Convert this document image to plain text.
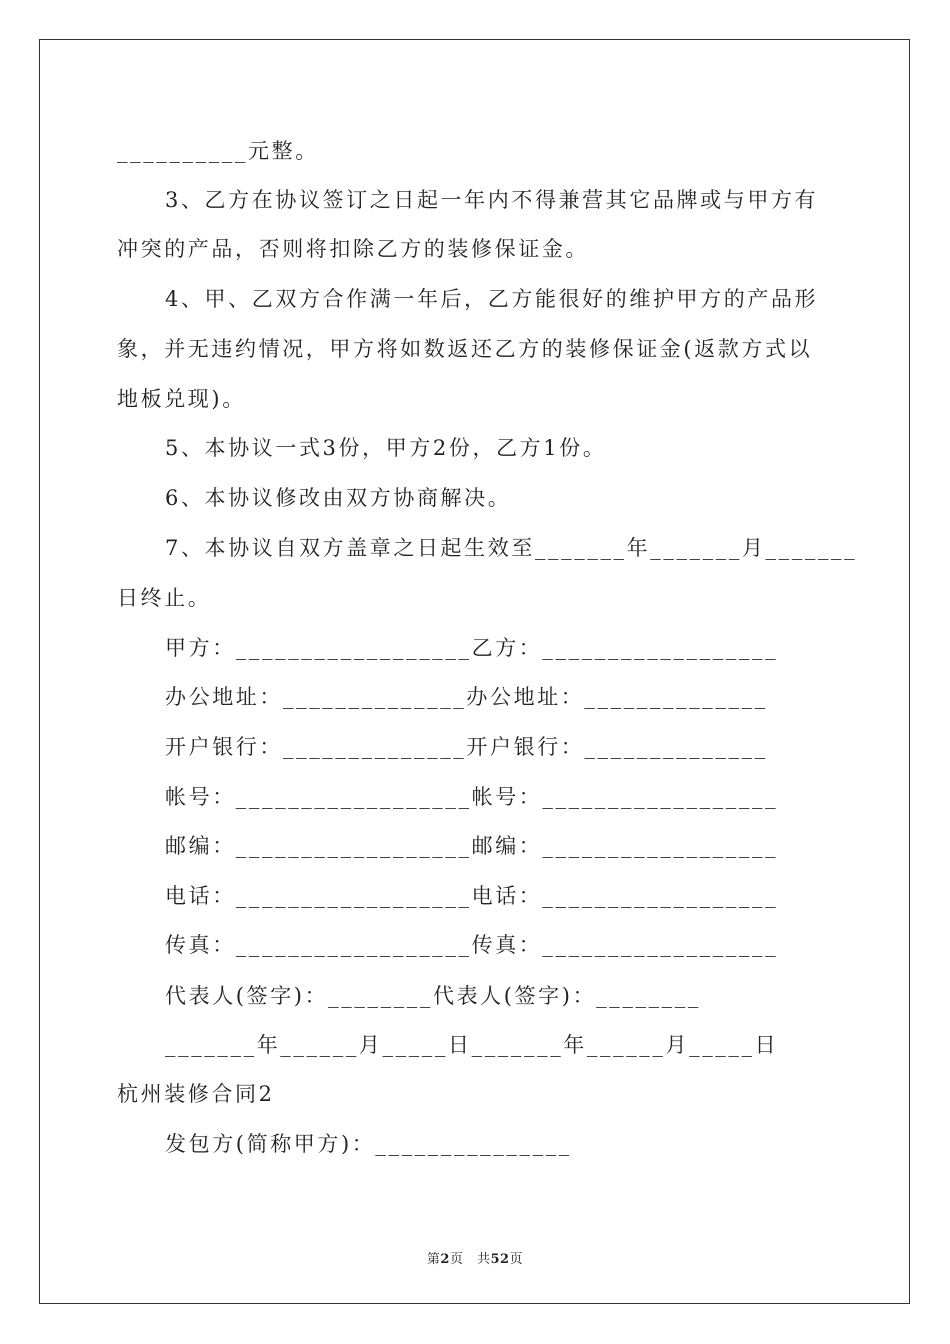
__________元整。
3、乙方在协议签订之日起一年内不得兼营其它品牌或与甲方有
冲突的产品，否则将扣除乙方的装修保证金。
4、甲、乙双方合作满一年后，乙方能很好的维护甲方的产品形
象，并无违约情况，甲方将如数返还乙方的装修保证金(返款方式以
地板兑现)。
5、本协议一式3份，甲方2份，乙方1份。
6、本协议修改由双方协商解决。
7、本协议自双方盖章之日起生效至_______年_______月_______
日终止。
甲方：__________________乙方：__________________
办公地址：______________办公地址：______________
开户银行：______________开户银行：______________
帐号：__________________帐号：__________________
邮编：__________________邮编：__________________
电话：__________________电话：__________________
传真：__________________传真：__________________
代表人(签字)：________代表人(签字)：________
_______年______月_____日_______年______月_____日
杭州装修合同2
发包方(简称甲方)：_______________
第2页　共52页
